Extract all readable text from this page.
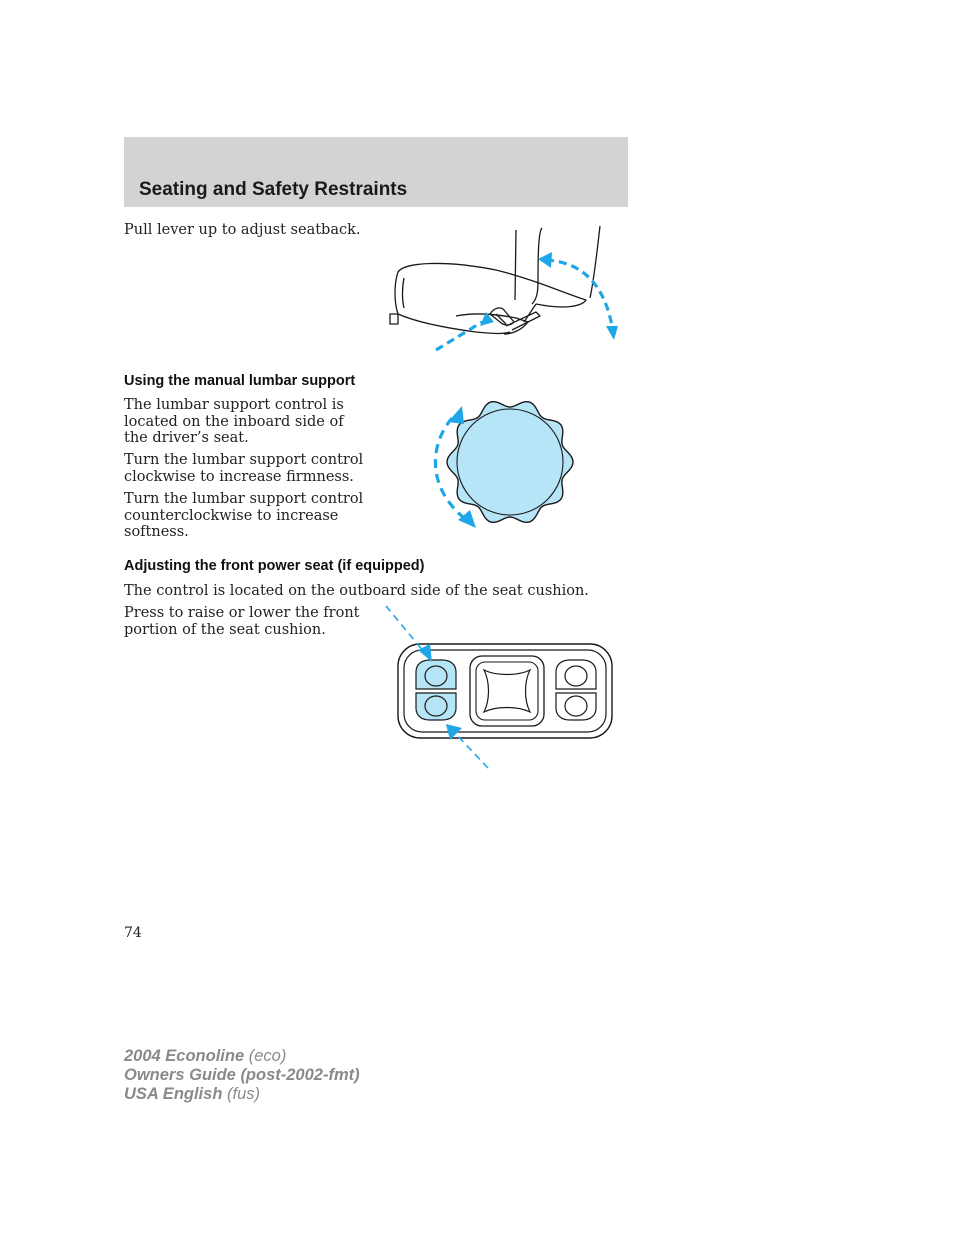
Seating and Safety Restraints

Pull lever up to adjust seatback.

Using the manual lumbar support

The lumbar support control is located on the inboard side of the driver’s seat.

Turn the lumbar support control clockwise to increase firmness.

Turn the lumbar support control counterclockwise to increase softness.

Adjusting the front power seat (if equipped)

The control is located on the outboard side of the seat cushion.

Press to raise or lower the front portion of the seat cushion.

74

2004 Econoline (eco)
Owners Guide (post-2002-fmt)
USA English (fus)
